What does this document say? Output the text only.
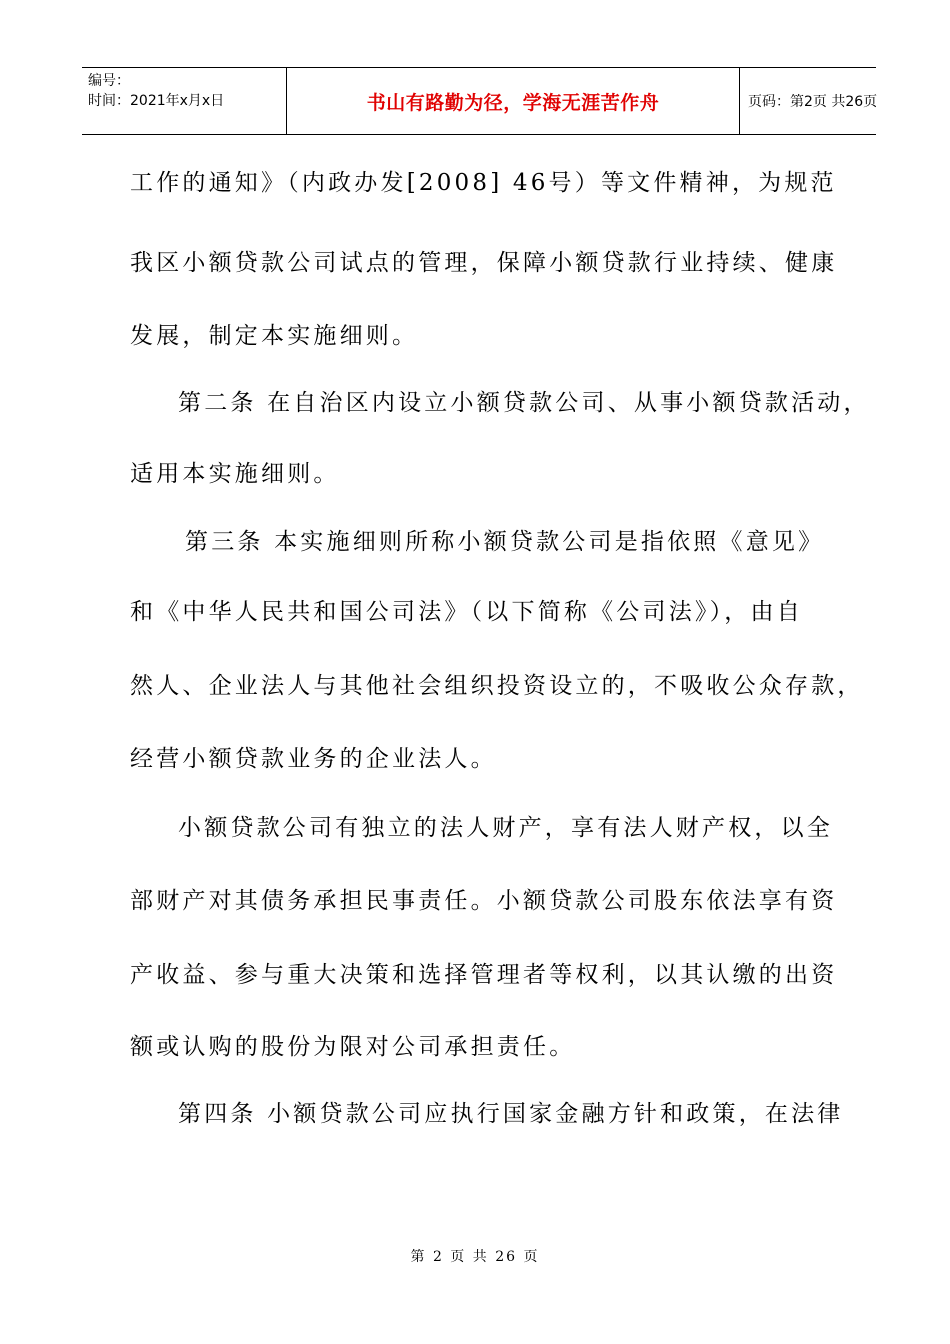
编号：
时间：2021年x月x日	书山有路勤为径，学海无涯苦作舟	页码：第2页 共26页
工作的通知》（内政办发[2008] 46号）等文件精神，为规范
我区小额贷款公司试点的管理，保障小额贷款行业持续、健康
发展，制定本实施细则。
第二条 在自治区内设立小额贷款公司、从事小额贷款活动，
适用本实施细则。
第三条 本实施细则所称小额贷款公司是指依照《意见》
和《中华人民共和国公司法》（以下简称《公司法》），由自
然人、企业法人与其他社会组织投资设立的，不吸收公众存款，
经营小额贷款业务的企业法人。
小额贷款公司有独立的法人财产，享有法人财产权，以全
部财产对其债务承担民事责任。小额贷款公司股东依法享有资
产收益、参与重大决策和选择管理者等权利，以其认缴的出资
额或认购的股份为限对公司承担责任。
第四条 小额贷款公司应执行国家金融方针和政策，在法律
第 2 页 共 26 页
